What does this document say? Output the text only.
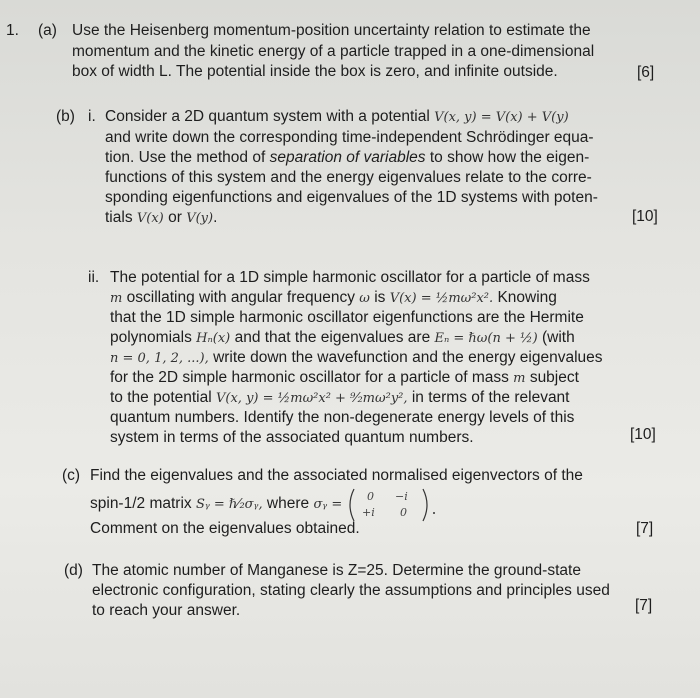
1. (a) Use the Heisenberg momentum-position uncertainty relation to estimate the
momentum and the kinetic energy of a particle trapped in a one-dimensional
box of width L. The potential inside the box is zero, and infinite outside.	[6]
(b) i. Consider a 2D quantum system with a potential V(x, y) = V(x) + V(y)
and write down the corresponding time-independent Schrödinger equa-
tion. Use the method of separation of variables to show how the eigen-
functions of this system and the energy eigenvalues relate to the corre-
sponding eigenfunctions and eigenvalues of the 1D systems with poten-
tials V(x) or V(y).	[10]
ii. The potential for a 1D simple harmonic oscillator for a particle of mass
m oscillating with angular frequency ω is V(x) = ½mω²x². Knowing
that the 1D simple harmonic oscillator eigenfunctions are the Hermite
polynomials Hₙ(x) and that the eigenvalues are Eₙ = ℏω(n + ½) (with
n = 0, 1, 2, ...), write down the wavefunction and the energy eigenvalues
for the 2D simple harmonic oscillator for a particle of mass m subject
to the potential V(x, y) = ½mω²x² + ⁹⁄₂mω²y², in terms of the relevant
quantum numbers. Identify the non-degenerate energy levels of this
system in terms of the associated quantum numbers.	[10]
(c) Find the eigenvalues and the associated normalised eigenvectors of the
spin-1/2 matrix Sᵧ = ℏ⁄₂σᵧ, where σᵧ =
0 −i
+i 0
Comment on the eigenvalues obtained.	[7]
(d) The atomic number of Manganese is Z=25. Determine the ground-state
electronic configuration, stating clearly the assumptions and principles used
to reach your answer.	[7]
